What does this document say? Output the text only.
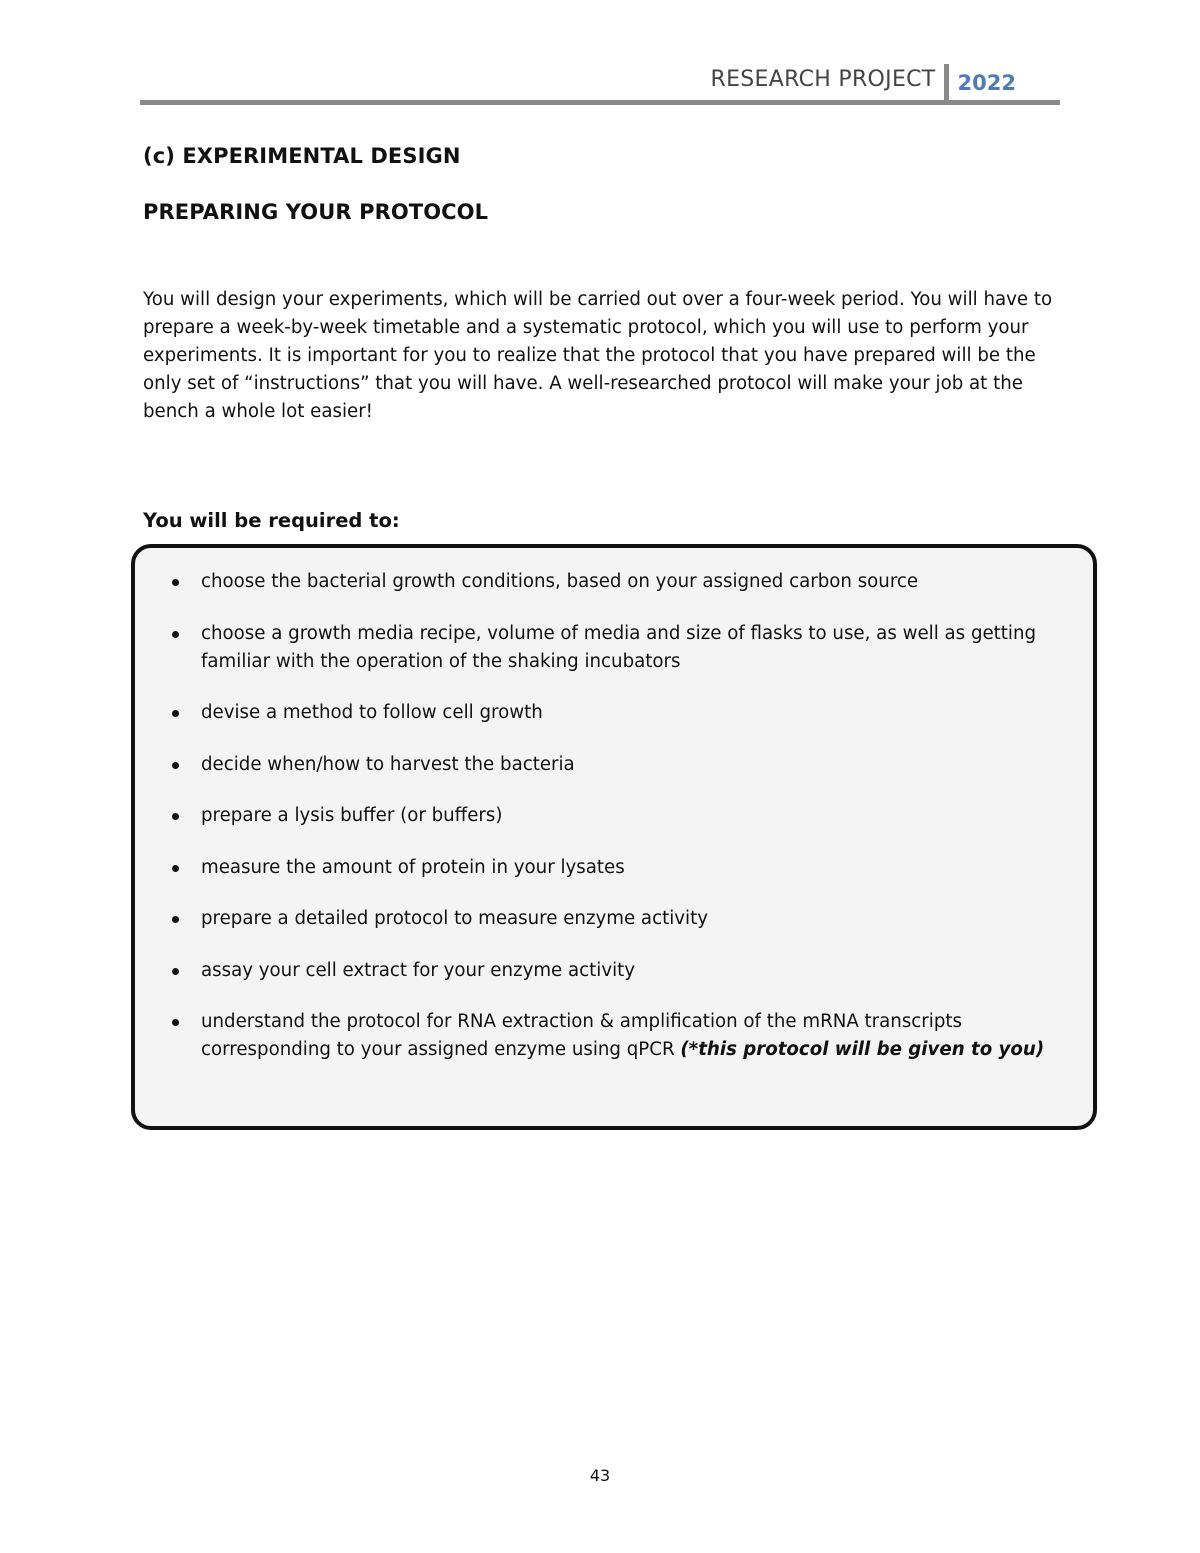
RESEARCH PROJECT	2022
(c) EXPERIMENTAL DESIGN
PREPARING YOUR PROTOCOL

You will design your experiments, which will be carried out over a four-week period. You will have to prepare a week-by-week timetable and a systematic protocol, which you will use to perform your experiments. It is important for you to realize that the protocol that you have prepared will be the only set of “instructions” that you will have. A well-researched protocol will make your job at the bench a whole lot easier!

You will be required to:
choose the bacterial growth conditions, based on your assigned carbon source
choose a growth media recipe, volume of media and size of flasks to use, as well as getting familiar with the operation of the shaking incubators
devise a method to follow cell growth
decide when/how to harvest the bacteria
prepare a lysis buffer (or buffers)
measure the amount of protein in your lysates
prepare a detailed protocol to measure enzyme activity
assay your cell extract for your enzyme activity
understand the protocol for RNA extraction & amplification of the mRNA transcripts corresponding to your assigned enzyme using qPCR (*this protocol will be given to you)
43
